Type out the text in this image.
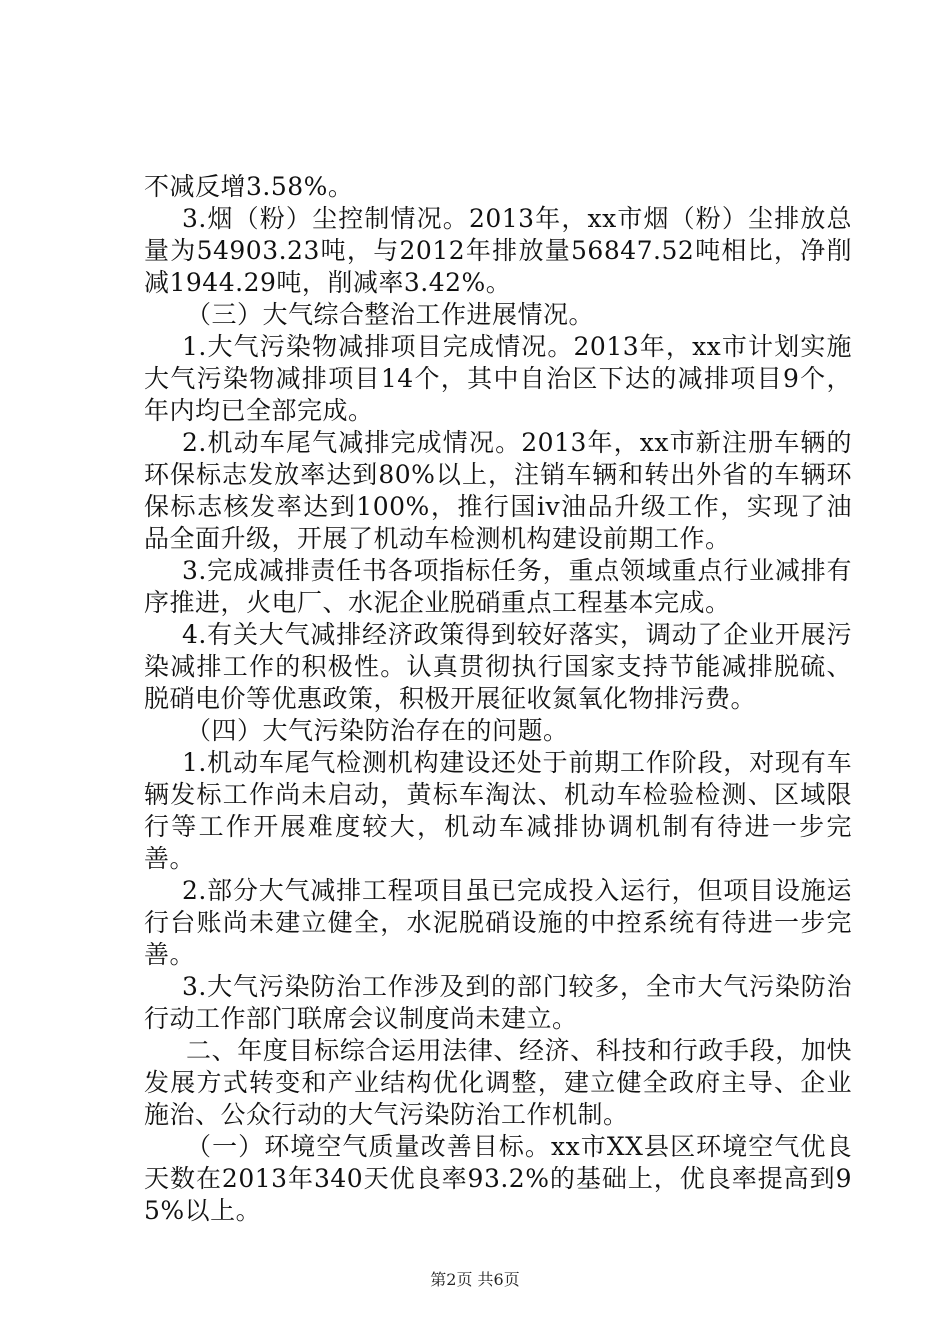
不减反增3.58%。

3.烟（粉）尘控制情况。2013年，xx市烟（粉）尘排放总量为54903.23吨，与2012年排放量56847.52吨相比，净削减1944.29吨，削减率3.42%。

（三）大气综合整治工作进展情况。

1.大气污染物减排项目完成情况。2013年，xx市计划实施大气污染物减排项目14个，其中自治区下达的减排项目9个，年内均已全部完成。

2.机动车尾气减排完成情况。2013年，xx市新注册车辆的环保标志发放率达到80%以上，注销车辆和转出外省的车辆环保标志核发率达到100%，推行国iv油品升级工作，实现了油品全面升级，开展了机动车检测机构建设前期工作。

3.完成减排责任书各项指标任务，重点领域重点行业减排有序推进，火电厂、水泥企业脱硝重点工程基本完成。

4.有关大气减排经济政策得到较好落实，调动了企业开展污染减排工作的积极性。认真贯彻执行国家支持节能减排脱硫、脱硝电价等优惠政策，积极开展征收氮氧化物排污费。

（四）大气污染防治存在的问题。

1.机动车尾气检测机构建设还处于前期工作阶段，对现有车辆发标工作尚未启动，黄标车淘汰、机动车检验检测、区域限行等工作开展难度较大，机动车减排协调机制有待进一步完善。

2.部分大气减排工程项目虽已完成投入运行，但项目设施运行台账尚未建立健全，水泥脱硝设施的中控系统有待进一步完善。

3.大气污染防治工作涉及到的部门较多，全市大气污染防治行动工作部门联席会议制度尚未建立。

二、年度目标综合运用法律、经济、科技和行政手段，加快发展方式转变和产业结构优化调整，建立健全政府主导、企业施治、公众行动的大气污染防治工作机制。

（一）环境空气质量改善目标。xx市XX县区环境空气优良天数在2013年340天优良率93.2%的基础上，优良率提高到95%以上。

第2页 共6页
